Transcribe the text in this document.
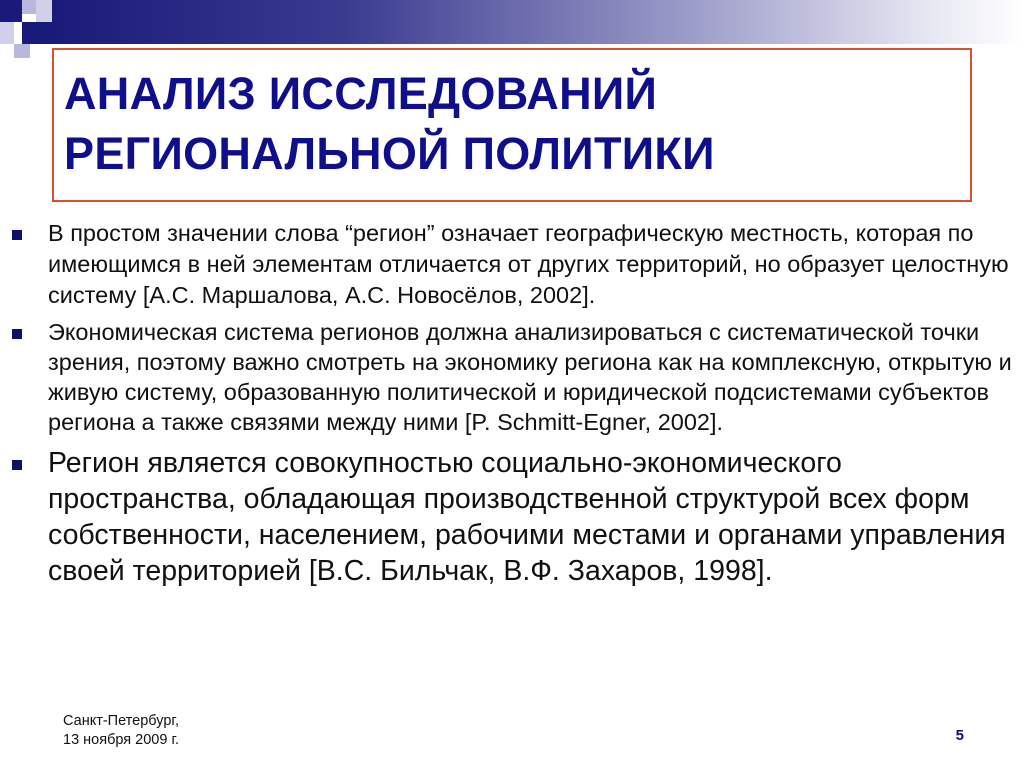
АНАЛИЗ ИССЛЕДОВАНИЙ
РЕГИОНАЛЬНОЙ ПОЛИТИКИ
В простом значении слова “регион” означает географическую местность, которая по имеющимся в ней элементам отличается от других территорий, но образует целостную систему [А.С. Маршалова, А.С. Новосёлов, 2002].
Экономическая система регионов должна анализироваться с систематической точки зрения, поэтому важно смотреть на экономику региона как на комплексную, открытую и живую систему, образованную политической и юридической подсистемами субъектов региона а также связями между ними [P. Schmitt-Egner, 2002].
Регион является совокупностью социально-экономического пространства, обладающая производственной структурой всех форм собственности, населением, рабочими местами и органами управления своей территорией [В.С. Бильчак, В.Ф. Захаров, 1998].
Санкт-Петербург,
13 ноября 2009 г.	5
